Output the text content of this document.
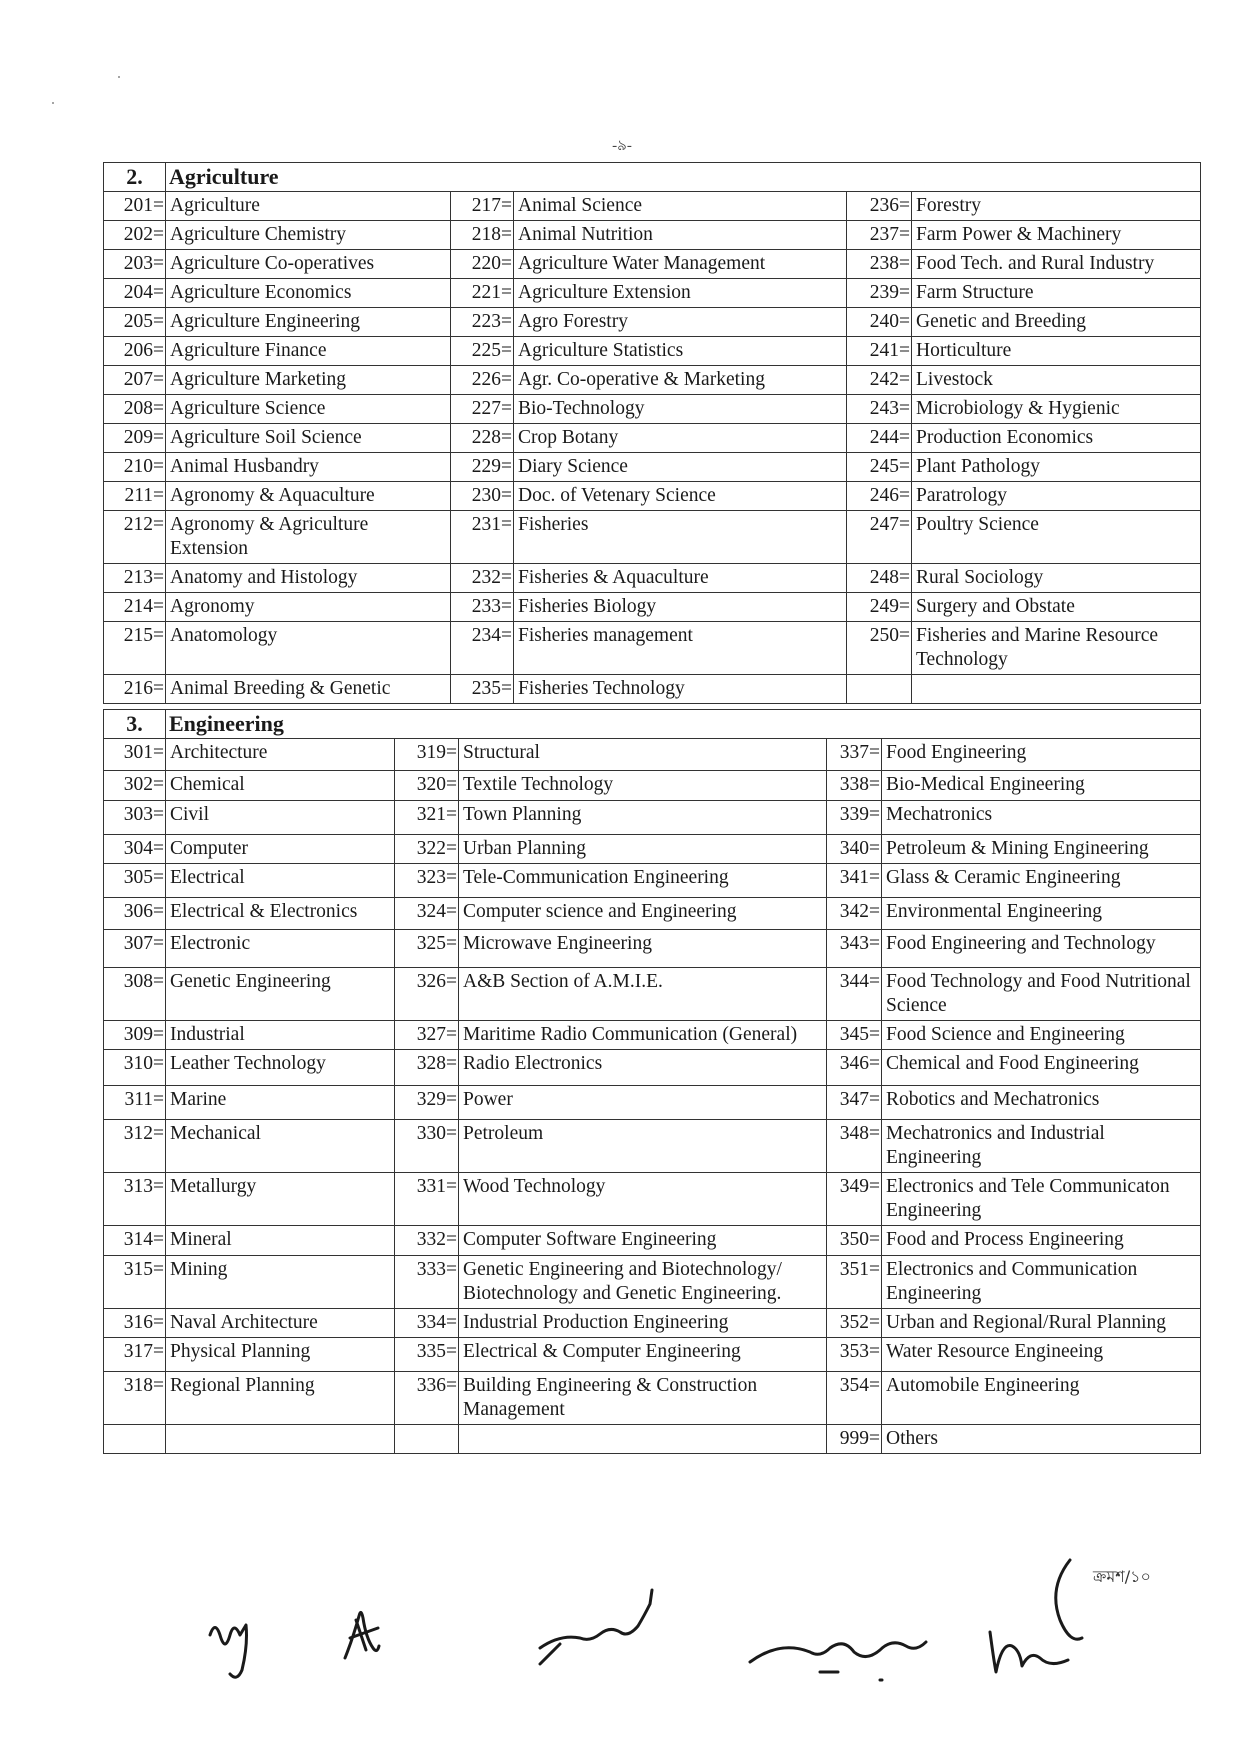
-৯-
2.	Agriculture				
201=	Agriculture	217=	Animal Science	236=	Forestry
202=	Agriculture Chemistry	218=	Animal Nutrition	237=	Farm Power & Machinery
203=	Agriculture Co-operatives	220=	Agriculture Water Management	238=	Food Tech. and Rural Industry
204=	Agriculture Economics	221=	Agriculture Extension	239=	Farm Structure
205=	Agriculture Engineering	223=	Agro Forestry	240=	Genetic and Breeding
206=	Agriculture Finance	225=	Agriculture Statistics	241=	Horticulture
207=	Agriculture Marketing	226=	Agr. Co-operative & Marketing	242=	Livestock
208=	Agriculture Science	227=	Bio-Technology	243=	Microbiology & Hygienic
209=	Agriculture Soil Science	228=	Crop Botany	244=	Production Economics
210=	Animal Husbandry	229=	Diary Science	245=	Plant Pathology
211=	Agronomy & Aquaculture	230=	Doc. of Vetenary Science	246=	Paratrology
212=	Agronomy & Agriculture Extension	231=	Fisheries	247=	Poultry Science
213=	Anatomy and Histology	232=	Fisheries & Aquaculture	248=	Rural Sociology
214=	Agronomy	233=	Fisheries Biology	249=	Surgery and Obstate
215=	Anatomology	234=	Fisheries management	250=	Fisheries and Marine Resource Technology
216=	Animal Breeding & Genetic	235=	Fisheries Technology		
3.	Engineering				
301=	Architecture	319=	Structural	337=	Food Engineering
302=	Chemical	320=	Textile Technology	338=	Bio-Medical Engineering
303=	Civil	321=	Town Planning	339=	Mechatronics
304=	Computer	322=	Urban Planning	340=	Petroleum & Mining Engineering
305=	Electrical	323=	Tele-Communication Engineering	341=	Glass & Ceramic Engineering
306=	Electrical & Electronics	324=	Computer science and Engineering	342=	Environmental Engineering
307=	Electronic	325=	Microwave Engineering	343=	Food Engineering and Technology
308=	Genetic Engineering	326=	A&B Section of A.M.I.E.	344=	Food Technology and Food Nutritional Science
309=	Industrial	327=	Maritime Radio Communication (General)	345=	Food Science and Engineering
310=	Leather Technology	328=	Radio Electronics	346=	Chemical and Food Engineering
311=	Marine	329=	Power	347=	Robotics and Mechatronics
312=	Mechanical	330=	Petroleum	348=	Mechatronics and Industrial Engineering
313=	Metallurgy	331=	Wood Technology	349=	Electronics and Tele Communicaton Engineering
314=	Mineral	332=	Computer Software Engineering	350=	Food and Process Engineering
315=	Mining	333=	Genetic Engineering and Biotechnology/ Biotechnology and Genetic Engineering.	351=	Electronics and Communication Engineering
316=	Naval Architecture	334=	Industrial Production Engineering	352=	Urban and Regional/Rural Planning
317=	Physical Planning	335=	Electrical & Computer Engineering	353=	Water Resource Engineeing
318=	Regional Planning	336=	Building Engineering & Construction Management	354=	Automobile Engineering
				999=	Others
ক্রমশ/১০
